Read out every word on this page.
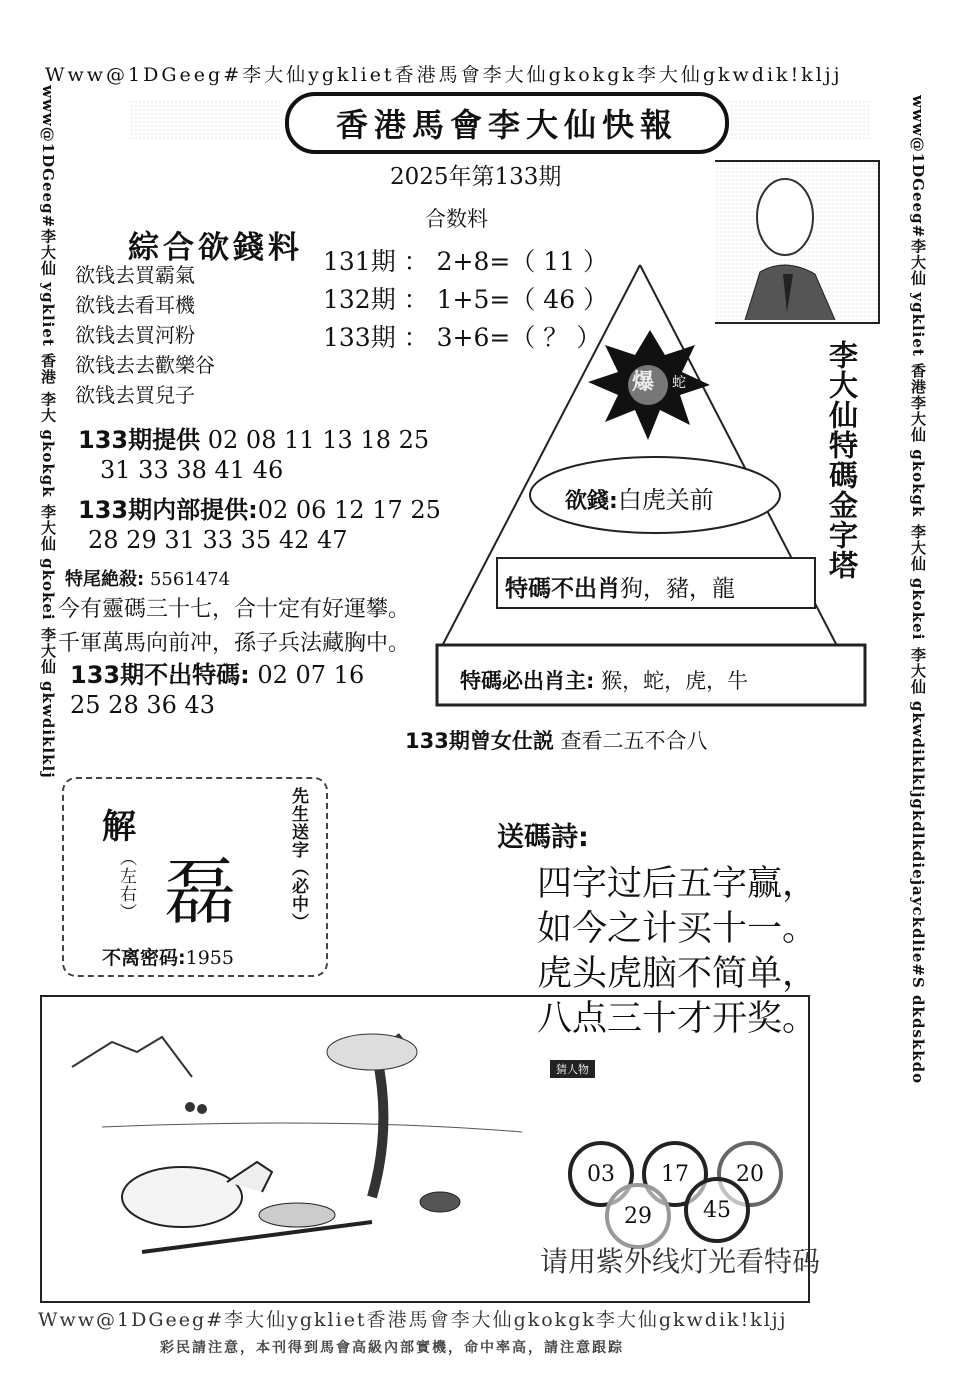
Www@1DGeeg#李大仙ygkliet香港馬會李大仙gkokgk李大仙gkwdik!kljj
www@1DGeeg#李大仙 ygkliet 香港 李大 gkokgk 李大仙 gkokei 李大仙 gkwdiklklj	www@1DGeeg#李大仙 ygkliet 香港李大仙 gkokgk 李大仙 gkokei 李大仙 gkwdiklkljgkdlkdiejayckdlie#S dkdskkdo
Www@1DGeeg#李大仙ygkliet香港馬會李大仙gkokgk李大仙gkwdik!kljj
彩民請注意，本刊得到馬會高級內部實機，命中率高，請注意跟踪
香港馬會李大仙快報
2025年第133期
綜合欲錢料
欲钱去買霸氣
欲钱去看耳機
欲钱去買河粉
欲钱去去歡樂谷
欲钱去買兒子
合数料
131期 ： 2+8=（ 11 ）
132期 ： 1+5=（ 46 ）
133期 ： 3+6=（ ？ ）
爆 蛇
欲錢:白虎关前
特碼不出肖狗，豬，龍
特碼必出肖主: 猴，蛇，虎，牛
李大仙特碼金字塔
133期提供 02 08 11 13 18 25
31 33 38 41 46
133期内部提供:02 06 12 17 25
28 29 31 33 35 42 47
特尾絶殺: 5561474
今有靈碼三十七，合十定有好運攀。
千軍萬馬向前冲，孫子兵法藏胸中。
133期不出特碼: 02 07 16
25 28 36 43
133期曾女仕説 查看二五不合八
解
（左右） 磊	先生送字（必中）
不离密码:1955
送碼詩:
四字过后五字赢，
如今之计买十一。
虎头虎脑不简单，
八点三十才开奖。
猜人物
03	17	20
29	45
请用紫外线灯光看特码
